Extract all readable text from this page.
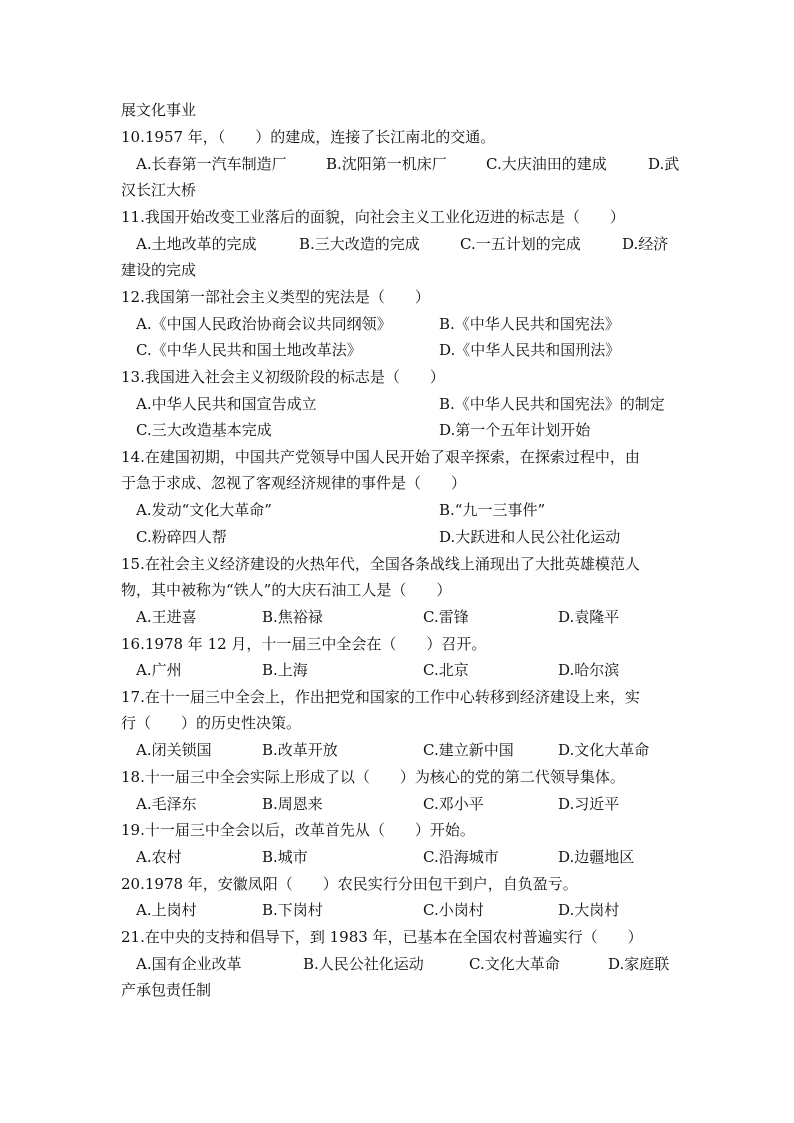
展文化事业
10.1957 年，（　　）的建成，连接了长江南北的交通。
A.长春第一汽车制造厂	B.沈阳第一机床厂	C.大庆油田的建成	D.武
汉长江大桥
11.我国开始改变工业落后的面貌，向社会主义工业化迈进的标志是（　　）
A.土地改革的完成	B.三大改造的完成	C.一五计划的完成	D.经济
建设的完成
12.我国第一部社会主义类型的宪法是（　　）
A.《中国人民政治协商会议共同纲领》	B.《中华人民共和国宪法》
C.《中华人民共和国土地改革法》	D.《中华人民共和国刑法》
13.我国进入社会主义初级阶段的标志是（　　）
A.中华人民共和国宣告成立	B.《中华人民共和国宪法》的制定
C.三大改造基本完成	D.第一个五年计划开始
14.在建国初期，中国共产党领导中国人民开始了艰辛探索，在探索过程中，由
于急于求成、忽视了客观经济规律的事件是（　　）
A.发动“文化大革命”	B.“九一三事件”
C.粉碎四人帮	D.大跃进和人民公社化运动
15.在社会主义经济建设的火热年代，全国各条战线上涌现出了大批英雄模范人
物，其中被称为“铁人”的大庆石油工人是（　　）
A.王进喜	B.焦裕禄	C.雷锋	D.袁隆平
16.1978 年 12 月，十一届三中全会在（　　）召开。
A.广州	B.上海	C.北京	D.哈尔滨
17.在十一届三中全会上，作出把党和国家的工作中心转移到经济建设上来，实
行（　　）的历史性决策。
A.闭关锁国	B.改革开放	C.建立新中国	D.文化大革命
18.十一届三中全会实际上形成了以（　　）为核心的党的第二代领导集体。
A.毛泽东	B.周恩来	C.邓小平	D.习近平
19.十一届三中全会以后，改革首先从（　　）开始。
A.农村	B.城市	C.沿海城市	D.边疆地区
20.1978 年，安徽凤阳（　　）农民实行分田包干到户，自负盈亏。
A.上岗村	B.下岗村	C.小岗村	D.大岗村
21.在中央的支持和倡导下，到 1983 年，已基本在全国农村普遍实行（　　）
A.国有企业改革	B.人民公社化运动	C.文化大革命	D.家庭联
产承包责任制
